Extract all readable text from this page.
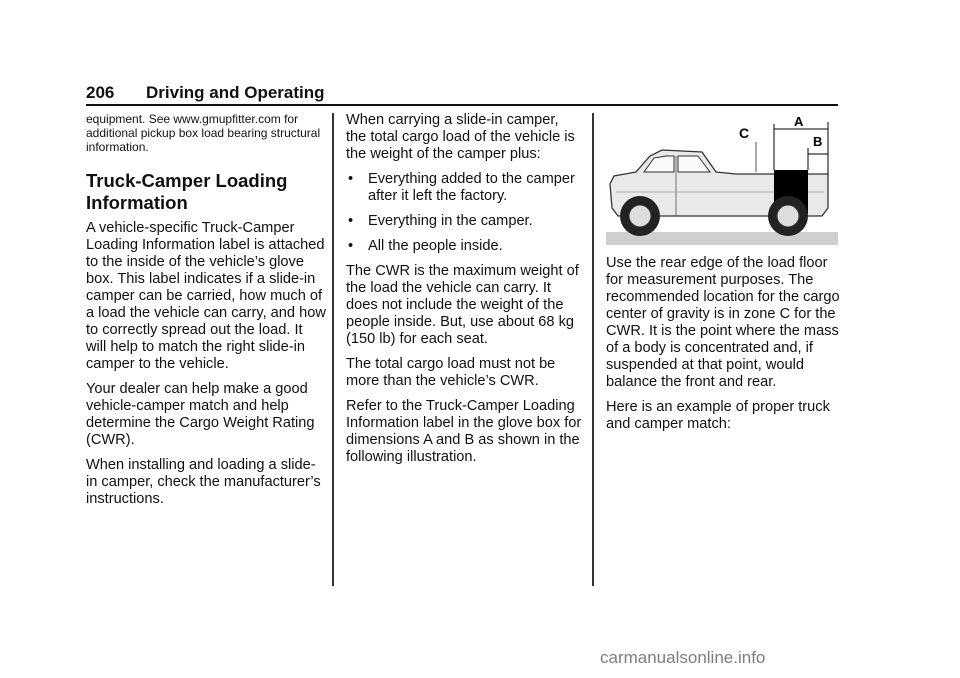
206 Driving and Operating

equipment. See www.gmupfitter.com for additional pickup box load bearing structural information.

Truck-Camper Loading Information

A vehicle-specific Truck-Camper Loading Information label is attached to the inside of the vehicle’s glove box. This label indicates if a slide-in camper can be carried, how much of a load the vehicle can carry, and how to correctly spread out the load. It will help to match the right slide-in camper to the vehicle.

Your dealer can help make a good vehicle-camper match and help determine the Cargo Weight Rating (CWR).

When installing and loading a slide-in camper, check the manufacturer’s instructions.

When carrying a slide-in camper, the total cargo load of the vehicle is the weight of the camper plus:

• Everything added to the camper after it left the factory.
• Everything in the camper.
• All the people inside.

The CWR is the maximum weight of the load the vehicle can carry. It does not include the weight of the people inside. But, use about 68 kg (150 lb) for each seat.

The total cargo load must not be more than the vehicle’s CWR.

Refer to the Truck-Camper Loading Information label in the glove box for dimensions A and B as shown in the following illustration.

C
A
B

Use the rear edge of the load floor for measurement purposes. The recommended location for the cargo center of gravity is in zone C for the CWR. It is the point where the mass of a body is concentrated and, if suspended at that point, would balance the front and rear.

Here is an example of proper truck and camper match:

carmanualsonline.info
